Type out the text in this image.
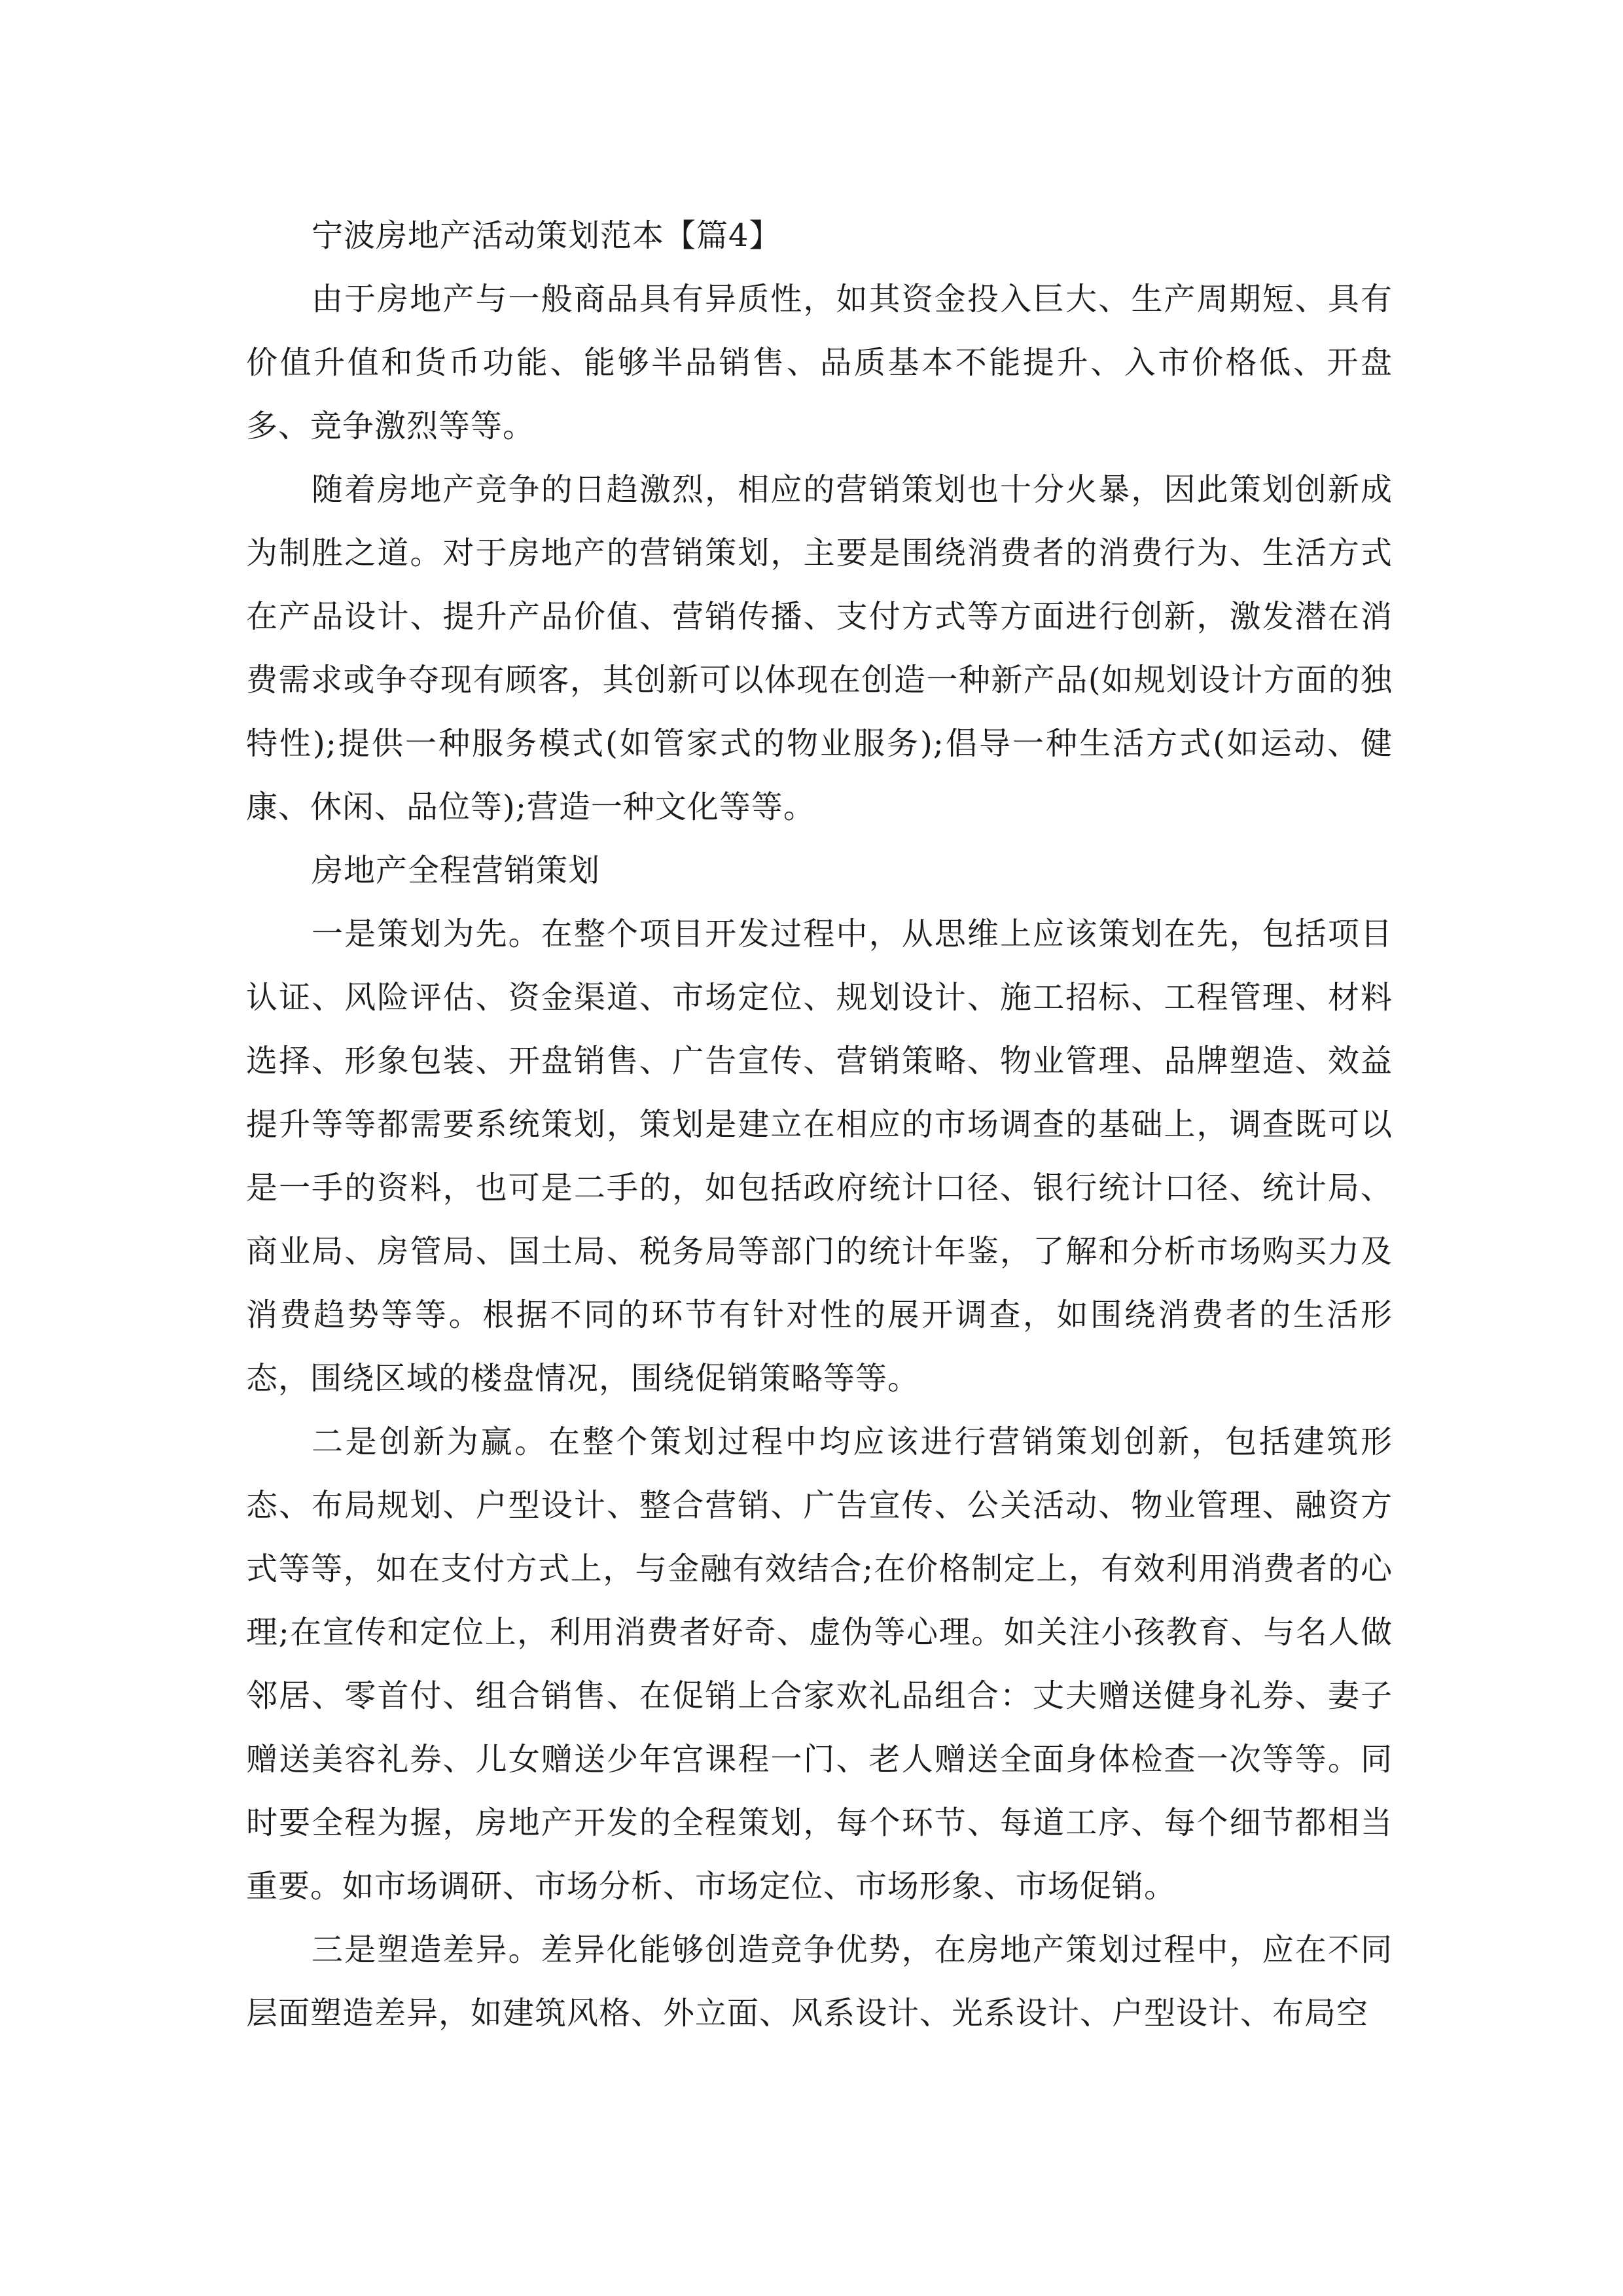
宁波房地产活动策划范本【篇4】

由于房地产与一般商品具有异质性，如其资金投入巨大、生产周期短、具有价值升值和货币功能、能够半品销售、品质基本不能提升、入市价格低、开盘多、竞争激烈等等。

随着房地产竞争的日趋激烈，相应的营销策划也十分火暴，因此策划创新成为制胜之道。对于房地产的营销策划，主要是围绕消费者的消费行为、生活方式在产品设计、提升产品价值、营销传播、支付方式等方面进行创新，激发潜在消费需求或争夺现有顾客，其创新可以体现在创造一种新产品(如规划设计方面的独特性);提供一种服务模式(如管家式的物业服务);倡导一种生活方式(如运动、健康、休闲、品位等);营造一种文化等等。

房地产全程营销策划

一是策划为先。在整个项目开发过程中，从思维上应该策划在先，包括项目认证、风险评估、资金渠道、市场定位、规划设计、施工招标、工程管理、材料选择、形象包装、开盘销售、广告宣传、营销策略、物业管理、品牌塑造、效益提升等等都需要系统策划，策划是建立在相应的市场调查的基础上，调查既可以是一手的资料，也可是二手的，如包括政府统计口径、银行统计口径、统计局、商业局、房管局、国土局、税务局等部门的统计年鉴，了解和分析市场购买力及消费趋势等等。根据不同的环节有针对性的展开调查，如围绕消费者的生活形态，围绕区域的楼盘情况，围绕促销策略等等。

二是创新为赢。在整个策划过程中均应该进行营销策划创新，包括建筑形态、布局规划、户型设计、整合营销、广告宣传、公关活动、物业管理、融资方式等等，如在支付方式上，与金融有效结合;在价格制定上，有效利用消费者的心理;在宣传和定位上，利用消费者好奇、虚伪等心理。如关注小孩教育、与名人做邻居、零首付、组合销售、在促销上合家欢礼品组合：丈夫赠送健身礼券、妻子赠送美容礼券、儿女赠送少年宫课程一门、老人赠送全面身体检查一次等等。同时要全程为握，房地产开发的全程策划，每个环节、每道工序、每个细节都相当重要。如市场调研、市场分析、市场定位、市场形象、市场促销。

三是塑造差异。差异化能够创造竞争优势，在房地产策划过程中，应在不同层面塑造差异，如建筑风格、外立面、风系设计、光系设计、户型设计、布局空
